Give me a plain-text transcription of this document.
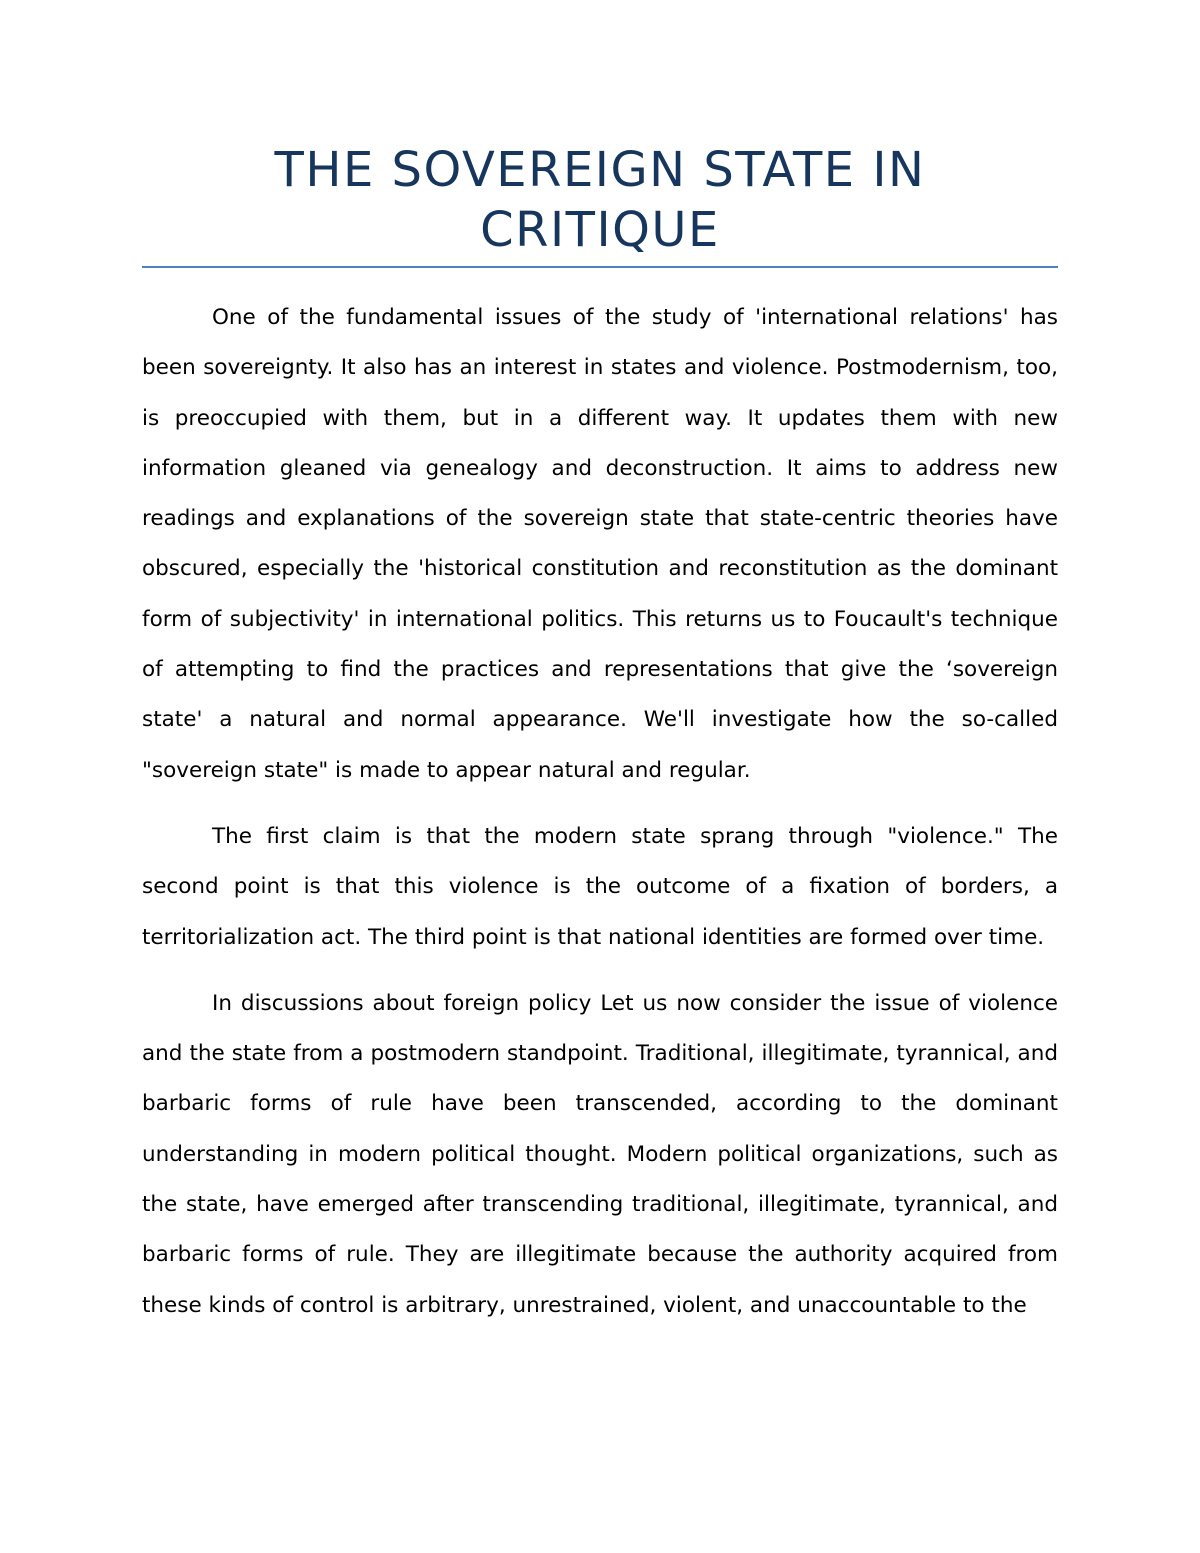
THE SOVEREIGN STATE IN
CRITIQUE

One of the fundamental issues of the study of 'international relations' has been sovereignty. It also has an interest in states and violence. Postmodernism, too, is preoccupied with them, but in a different way. It updates them with new information gleaned via genealogy and deconstruction. It aims to address new readings and explanations of the sovereign state that state-centric theories have obscured, especially the 'historical constitution and reconstitution as the dominant form of subjectivity' in international politics. This returns us to Foucault's technique of attempting to find the practices and representations that give the ‘sovereign state' a natural and normal appearance. We'll investigate how the so-called "sovereign state" is made to appear natural and regular.

The first claim is that the modern state sprang through "violence." The second point is that this violence is the outcome of a fixation of borders, a territorialization act. The third point is that national identities are formed over time.

In discussions about foreign policy Let us now consider the issue of violence and the state from a postmodern standpoint. Traditional, illegitimate, tyrannical, and barbaric forms of rule have been transcended, according to the dominant understanding in modern political thought. Modern political organizations, such as the state, have emerged after transcending traditional, illegitimate, tyrannical, and barbaric forms of rule. They are illegitimate because the authority acquired from these kinds of control is arbitrary, unrestrained, violent, and unaccountable to the
